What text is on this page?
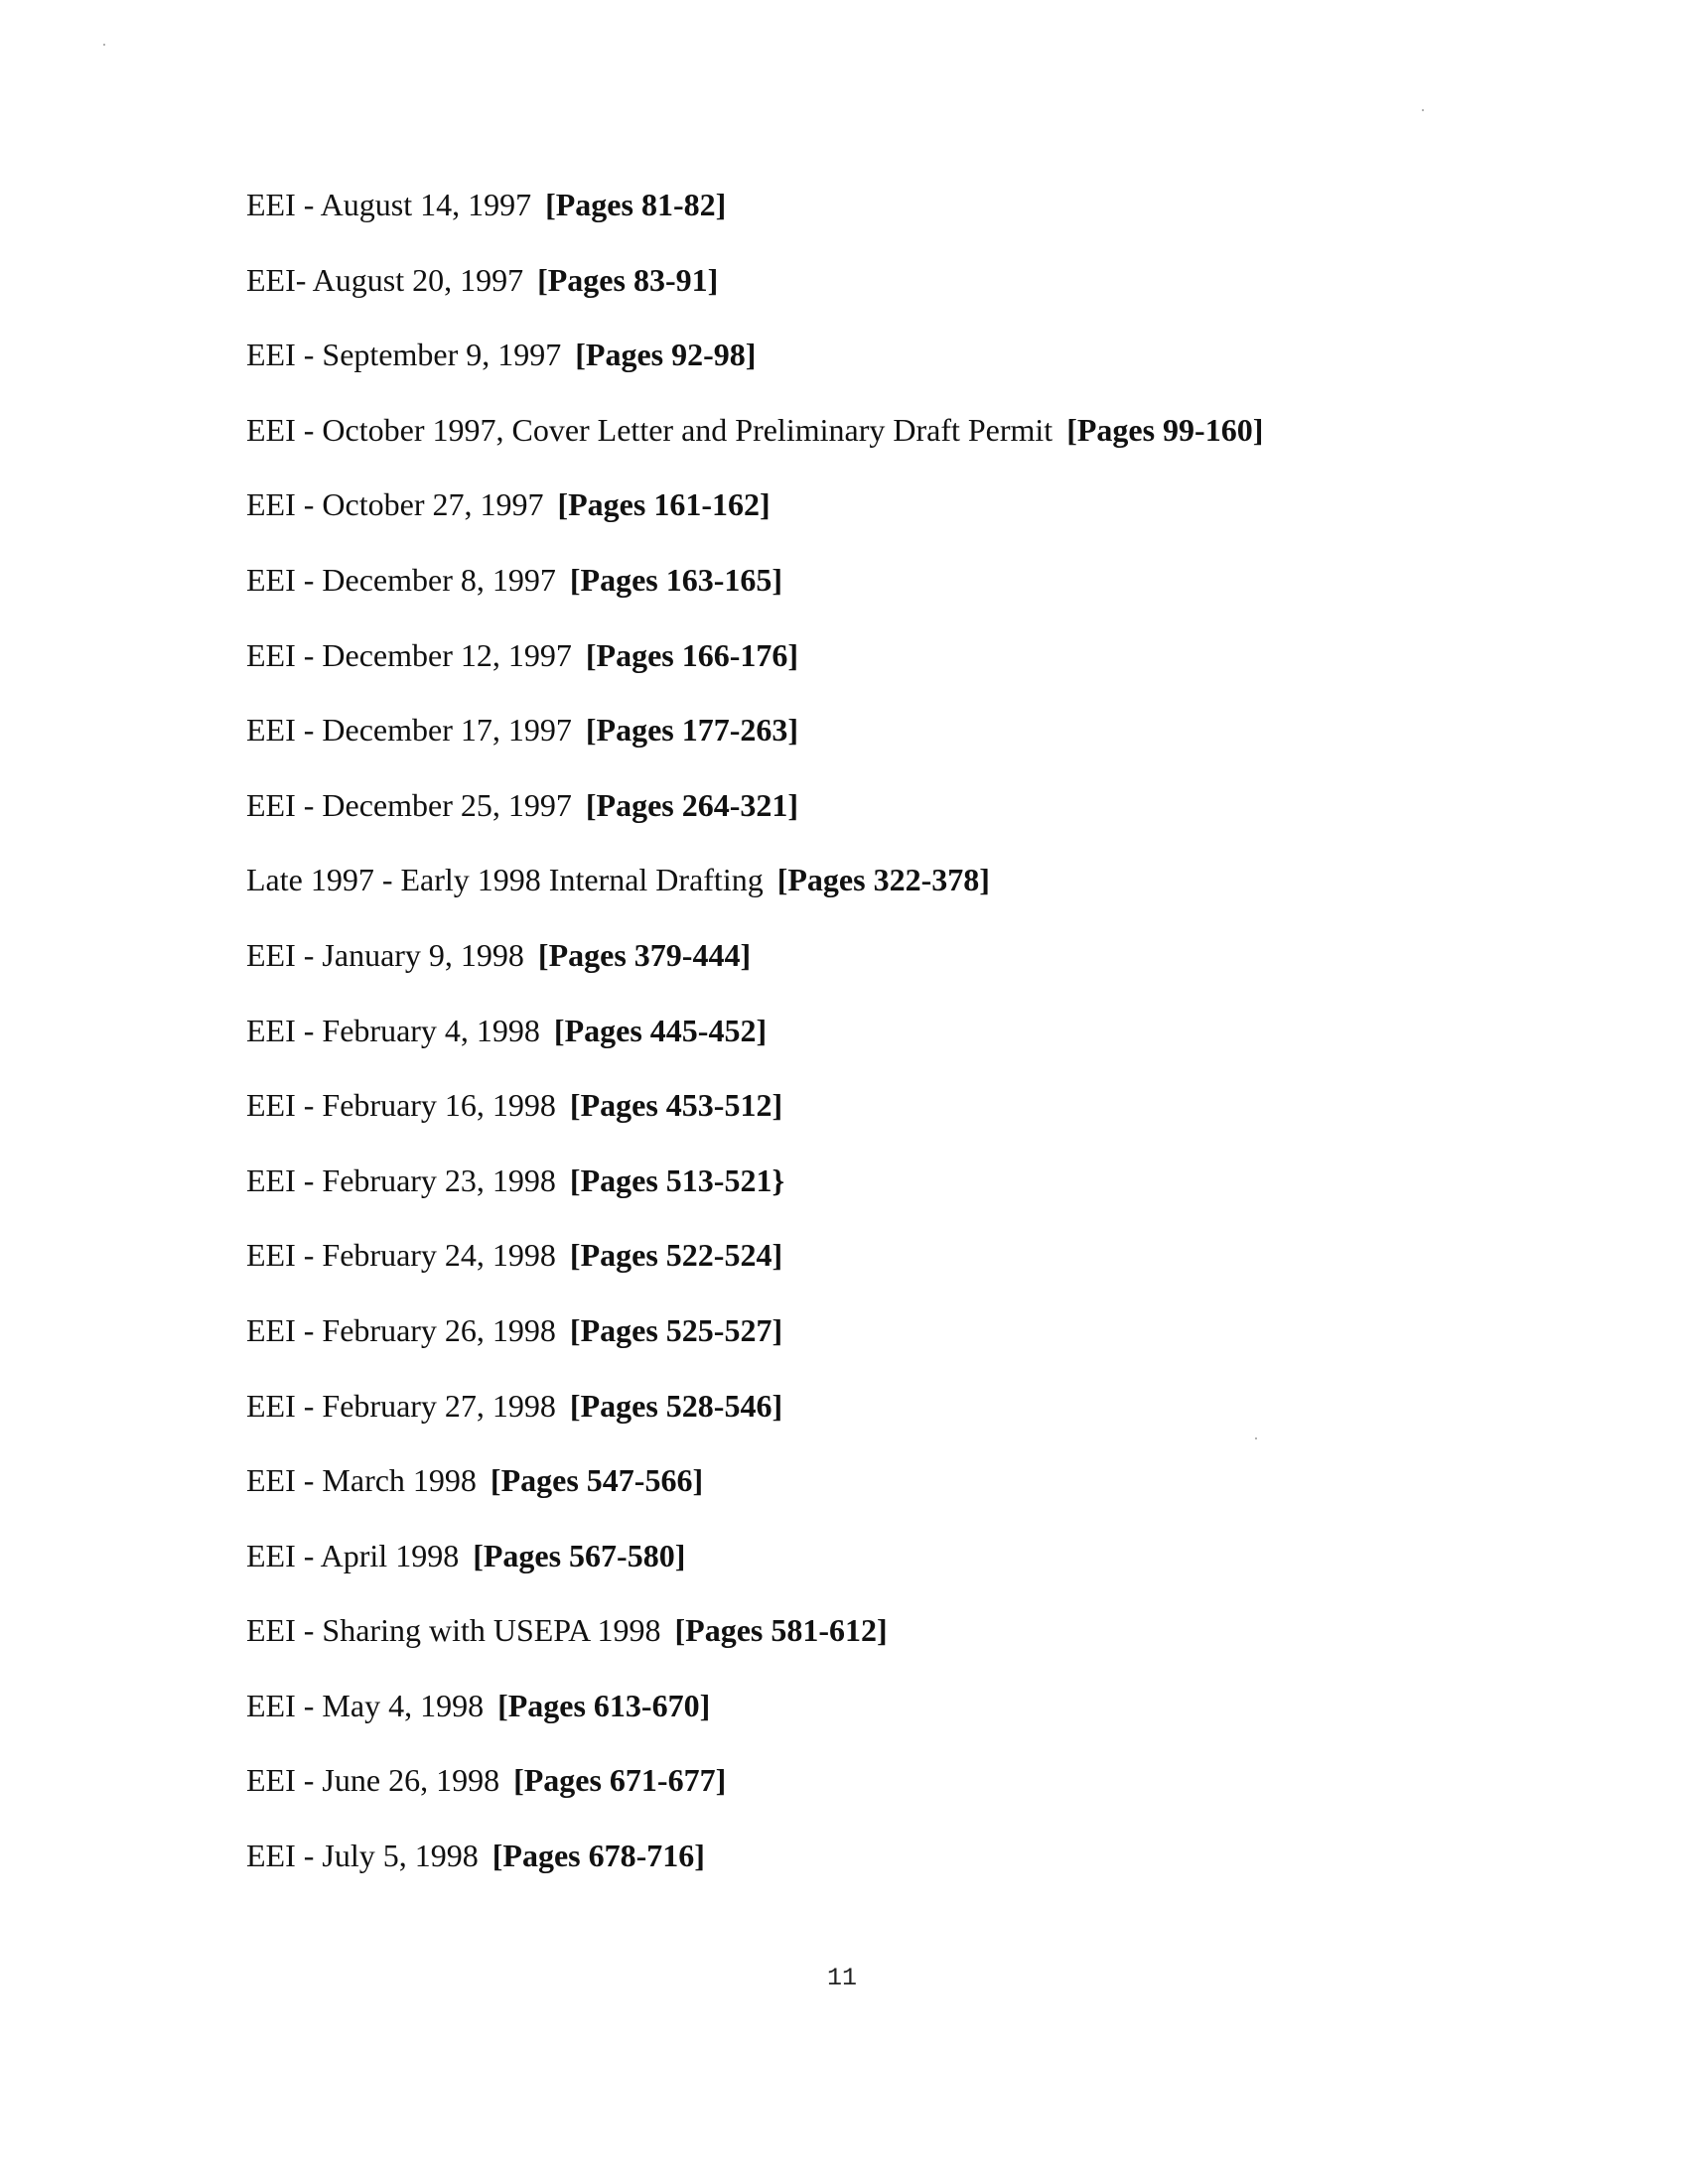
EEI - August 14, 1997 [Pages 81-82]
EEI- August 20, 1997 [Pages 83-91]
EEI - September 9, 1997 [Pages 92-98]
EEI - October 1997, Cover Letter and Preliminary Draft Permit [Pages 99-160]
EEI - October 27, 1997 [Pages 161-162]
EEI - December 8, 1997 [Pages 163-165]
EEI - December 12, 1997 [Pages 166-176]
EEI - December 17, 1997 [Pages 177-263]
EEI - December 25, 1997 [Pages 264-321]
Late 1997 - Early 1998 Internal Drafting [Pages 322-378]
EEI - January 9, 1998 [Pages 379-444]
EEI - February 4, 1998 [Pages 445-452]
EEI - February 16, 1998 [Pages 453-512]
EEI - February 23, 1998 [Pages 513-521}
EEI - February 24, 1998 [Pages 522-524]
EEI - February 26, 1998 [Pages 525-527]
EEI - February 27, 1998 [Pages 528-546]
EEI - March 1998 [Pages 547-566]
EEI - April 1998 [Pages 567-580]
EEI - Sharing with USEPA 1998 [Pages 581-612]
EEI - May 4, 1998 [Pages 613-670]
EEI - June 26, 1998 [Pages 671-677]
EEI - July 5, 1998 [Pages 678-716]
11
